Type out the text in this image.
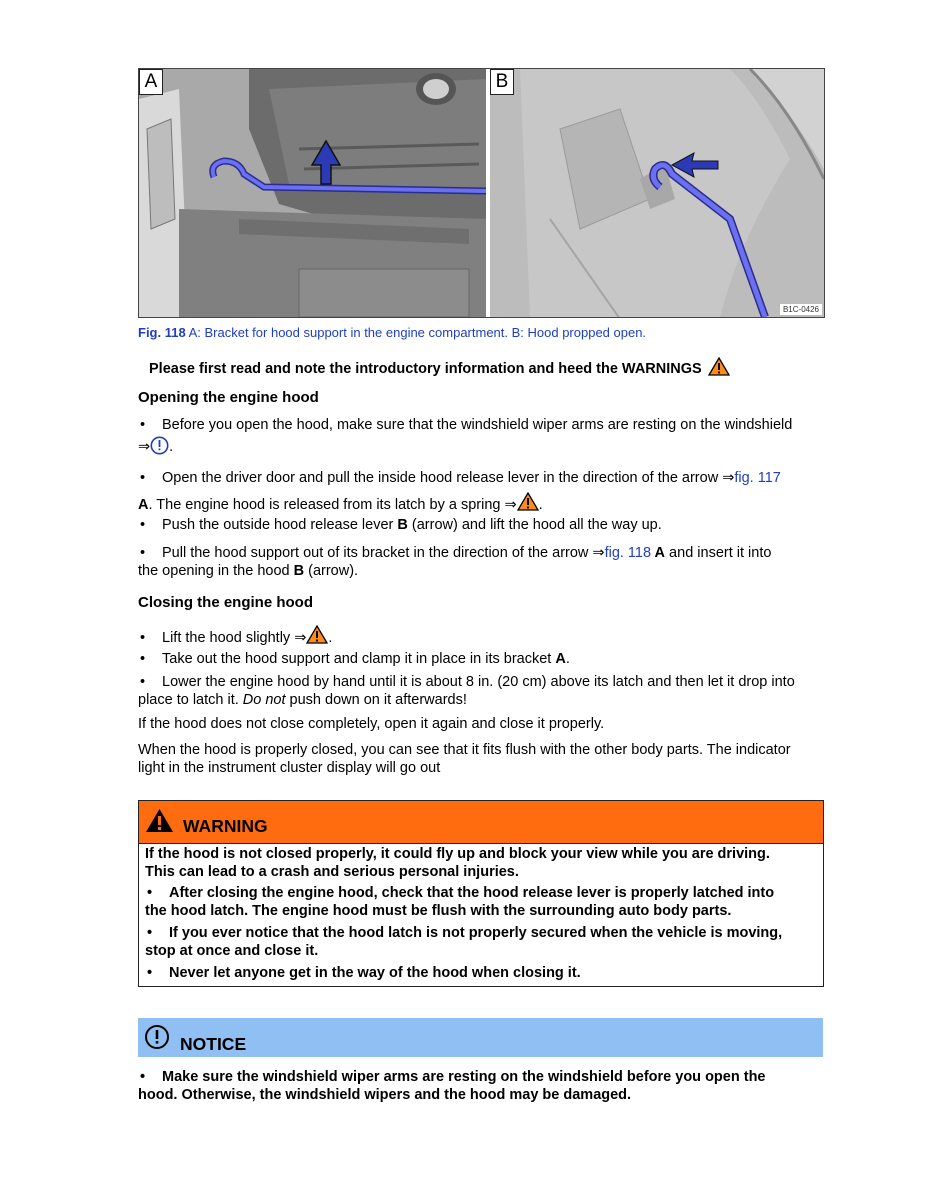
A	B
B1C-0426
Fig. 118 A: Bracket for hood support in the engine compartment. B: Hood propped open.
Please first read and note the introductory information and heed the WARNINGS
Opening the engine hood
• Before you open the hood, make sure that the windshield wiper arms are resting on the windshield
⇒ .
• Open the driver door and pull the inside hood release lever in the direction of the arrow ⇒fig. 117
A. The engine hood is released from its latch by a spring ⇒ .
• Push the outside hood release lever B (arrow) and lift the hood all the way up.
• Pull the hood support out of its bracket in the direction of the arrow ⇒fig. 118 A and insert it into
the opening in the hood B (arrow).
Closing the engine hood
• Lift the hood slightly ⇒ .
• Take out the hood support and clamp it in place in its bracket A.
• Lower the engine hood by hand until it is about 8 in. (20 cm) above its latch and then let it drop into
place to latch it. Do not push down on it afterwards!
If the hood does not close completely, open it again and close it properly.
When the hood is properly closed, you can see that it fits flush with the other body parts. The indicator
light in the instrument cluster display will go out
WARNING
If the hood is not closed properly, it could fly up and block your view while you are driving.
This can lead to a crash and serious personal injuries.
• After closing the engine hood, check that the hood release lever is properly latched into
the hood latch. The engine hood must be flush with the surrounding auto body parts.
• If you ever notice that the hood latch is not properly secured when the vehicle is moving,
stop at once and close it.
• Never let anyone get in the way of the hood when closing it.
NOTICE
• Make sure the windshield wiper arms are resting on the windshield before you open the
hood. Otherwise, the windshield wipers and the hood may be damaged.
